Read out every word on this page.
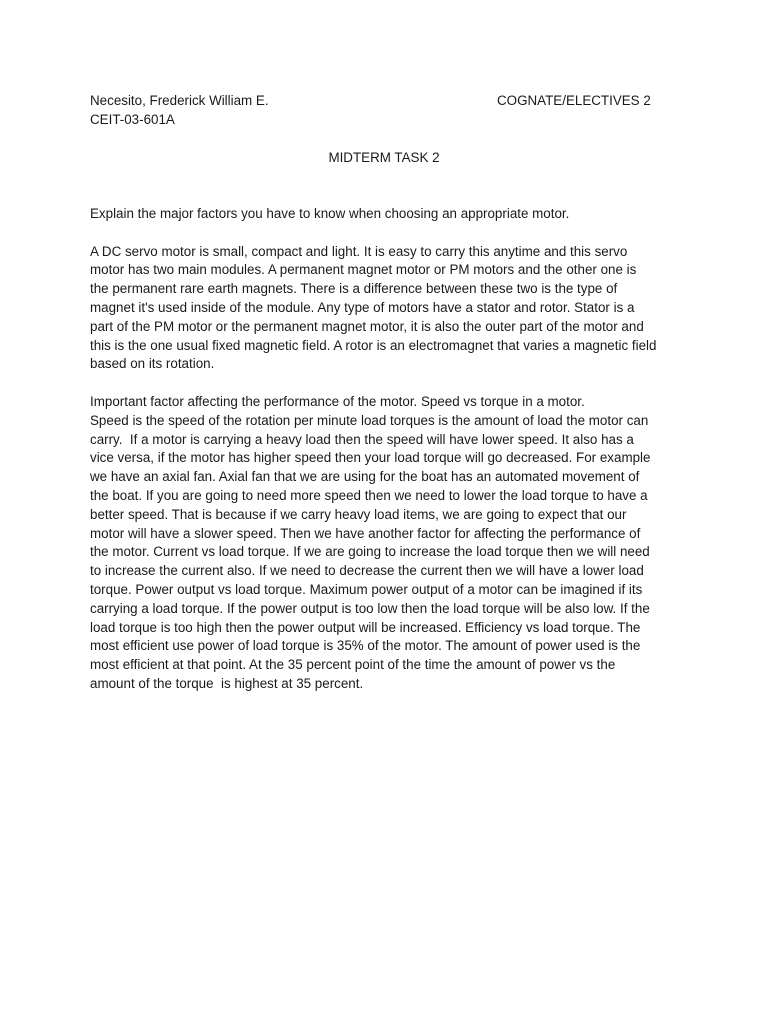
Necesito, Frederick William E.	COGNATE/ELECTIVES 2
CEIT-03-601A
MIDTERM TASK 2

Explain the major factors you have to know when choosing an appropriate motor.

A DC servo motor is small, compact and light. It is easy to carry this anytime and this servo
motor has two main modules. A permanent magnet motor or PM motors and the other one is
the permanent rare earth magnets. There is a difference between these two is the type of
magnet it's used inside of the module. Any type of motors have a stator and rotor. Stator is a
part of the PM motor or the permanent magnet motor, it is also the outer part of the motor and
this is the one usual fixed magnetic field. A rotor is an electromagnet that varies a magnetic field
based on its rotation.

Important factor affecting the performance of the motor. Speed vs torque in a motor.
Speed is the speed of the rotation per minute load torques is the amount of load the motor can
carry.  If a motor is carrying a heavy load then the speed will have lower speed. It also has a
vice versa, if the motor has higher speed then your load torque will go decreased. For example
we have an axial fan. Axial fan that we are using for the boat has an automated movement of
the boat. If you are going to need more speed then we need to lower the load torque to have a
better speed. That is because if we carry heavy load items, we are going to expect that our
motor will have a slower speed. Then we have another factor for affecting the performance of
the motor. Current vs load torque. If we are going to increase the load torque then we will need
to increase the current also. If we need to decrease the current then we will have a lower load
torque. Power output vs load torque. Maximum power output of a motor can be imagined if its
carrying a load torque. If the power output is too low then the load torque will be also low. If the
load torque is too high then the power output will be increased. Efficiency vs load torque. The
most efficient use power of load torque is 35% of the motor. The amount of power used is the
most efficient at that point. At the 35 percent point of the time the amount of power vs the
amount of the torque  is highest at 35 percent.
